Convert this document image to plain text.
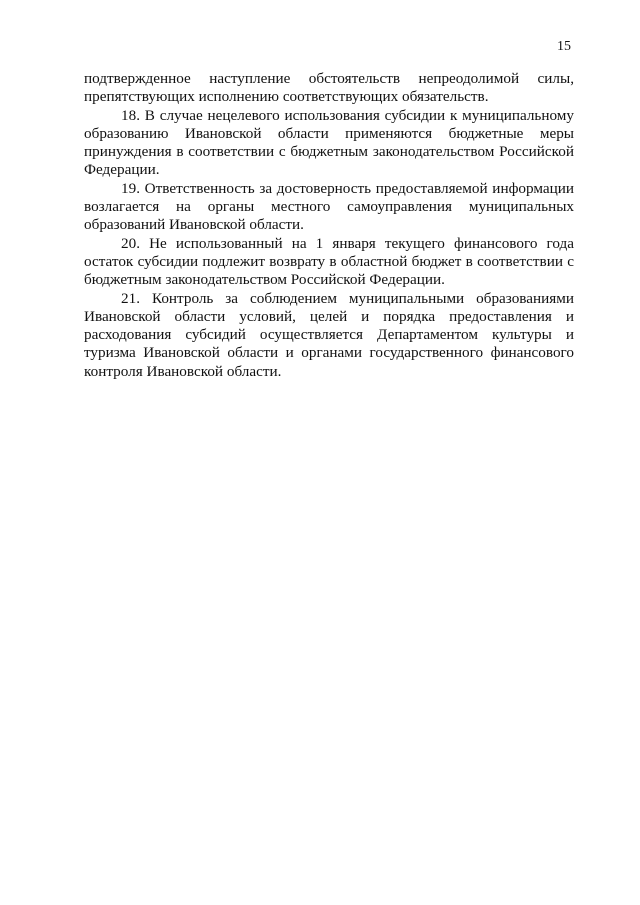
15

подтвержденное наступление обстоятельств непреодолимой силы, препятствующих исполнению соответствующих обязательств.

18. В случае нецелевого использования субсидии к муниципальному образованию Ивановской области применяются бюджетные меры принуждения в соответствии с бюджетным законодательством Российской Федерации.

19. Ответственность за достоверность предоставляемой информации возлагается на органы местного самоуправления муниципальных образований Ивановской области.

20. Не использованный на 1 января текущего финансового года остаток субсидии подлежит возврату в областной бюджет в соответствии с бюджетным законодательством Российской Федерации.

21. Контроль за соблюдением муниципальными образованиями Ивановской области условий, целей и порядка предоставления и расходования субсидий осуществляется Департаментом культуры и туризма Ивановской области и органами государственного финансового контроля Ивановской области.
